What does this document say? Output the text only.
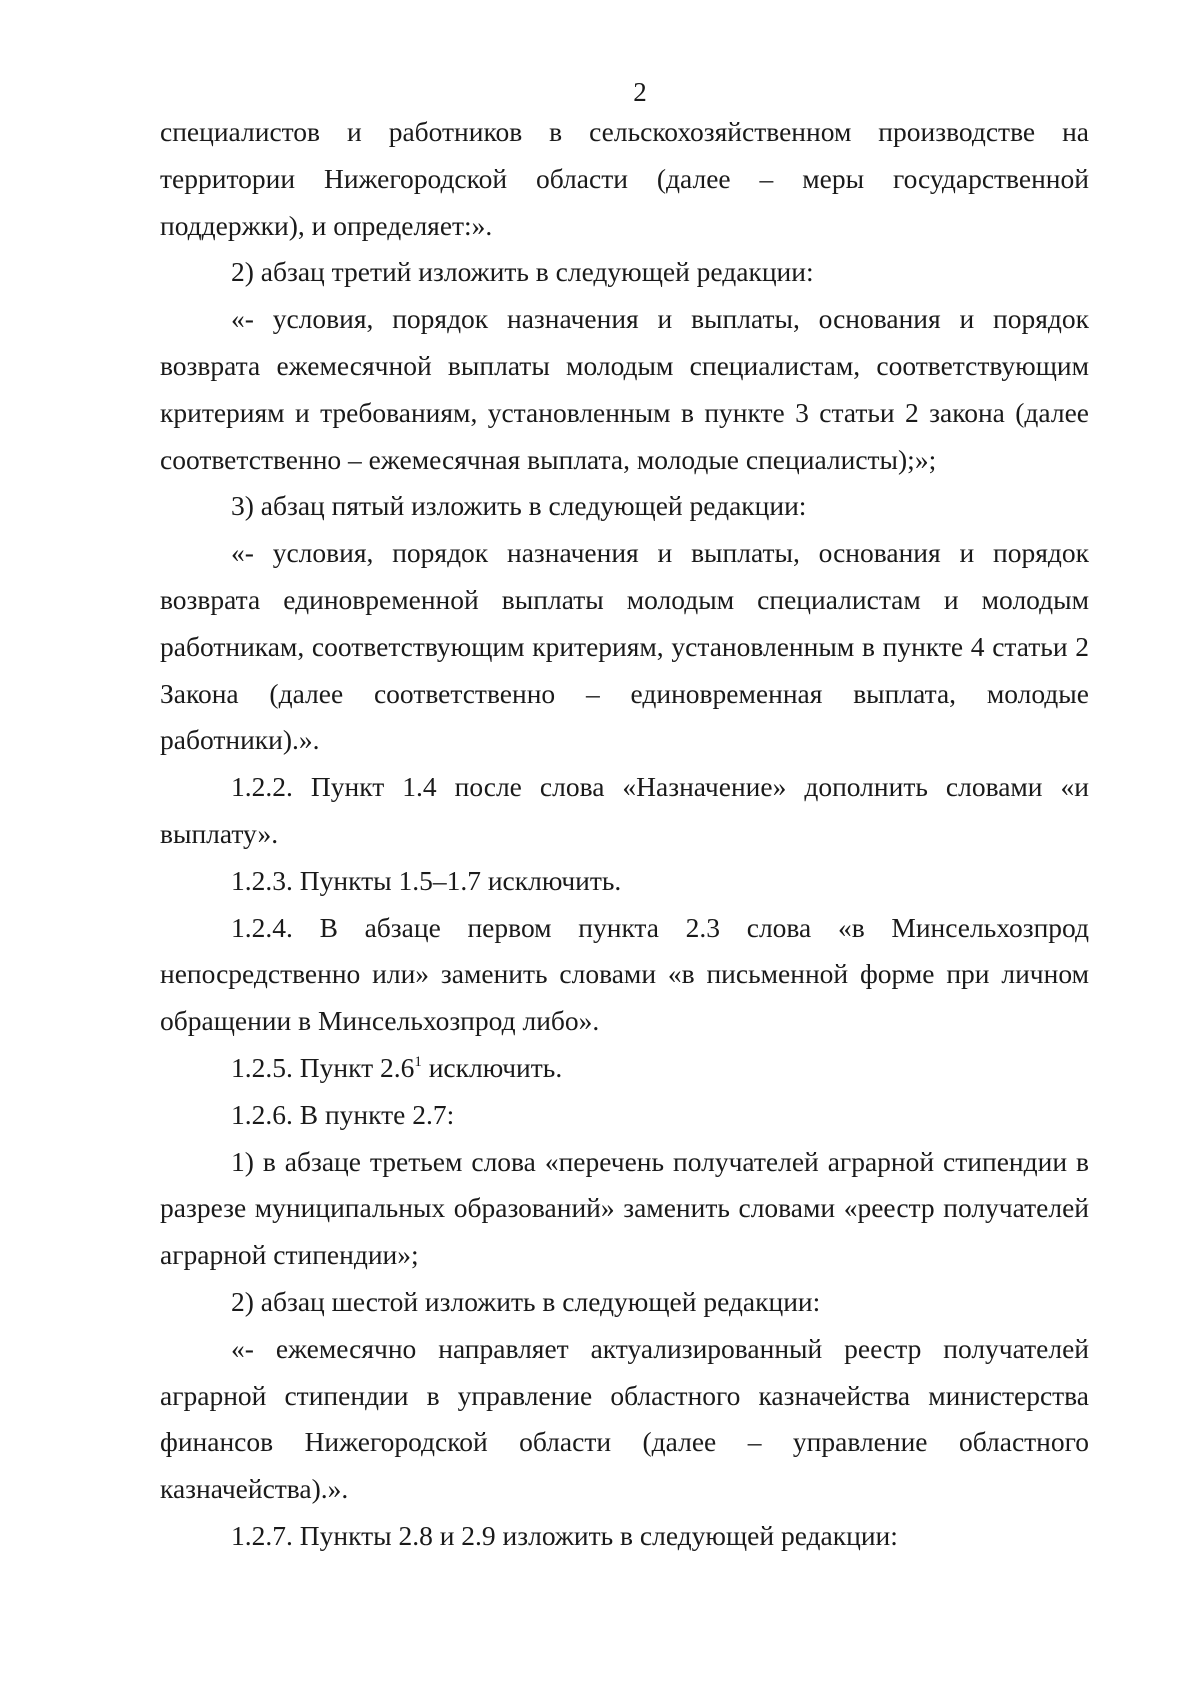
2

специалистов и работников в сельскохозяйственном производстве на территории Нижегородской области (далее – меры государственной поддержки), и определяет:».

2) абзац третий изложить в следующей редакции:

«- условия, порядок назначения и выплаты, основания и порядок возврата ежемесячной выплаты молодым специалистам, соответствующим критериям и требованиям, установленным в пункте 3 статьи 2 закона (далее соответственно – ежемесячная выплата, молодые специалисты);»;

3) абзац пятый изложить в следующей редакции:

«- условия, порядок назначения и выплаты, основания и порядок возврата единовременной выплаты молодым специалистам и молодым работникам, соответствующим критериям, установленным в пункте 4 статьи 2 Закона (далее соответственно – единовременная выплата, молодые работники).».

1.2.2. Пункт 1.4 после слова «Назначение» дополнить словами «и выплату».

1.2.3. Пункты 1.5–1.7 исключить.

1.2.4. В абзаце первом пункта 2.3 слова «в Минсельхозпрод непосредственно или» заменить словами «в письменной форме при личном обращении в Минсельхозпрод либо».

1.2.5. Пункт $2.6^1$ исключить.

1.2.6. В пункте 2.7:

1) в абзаце третьем слова «перечень получателей аграрной стипендии в разрезе муниципальных образований» заменить словами «реестр получателей аграрной стипендии»;

2) абзац шестой изложить в следующей редакции:

«- ежемесячно направляет актуализированный реестр получателей аграрной стипендии в управление областного казначейства министерства финансов Нижегородской области (далее – управление областного казначейства).».

1.2.7. Пункты 2.8 и 2.9 изложить в следующей редакции:
